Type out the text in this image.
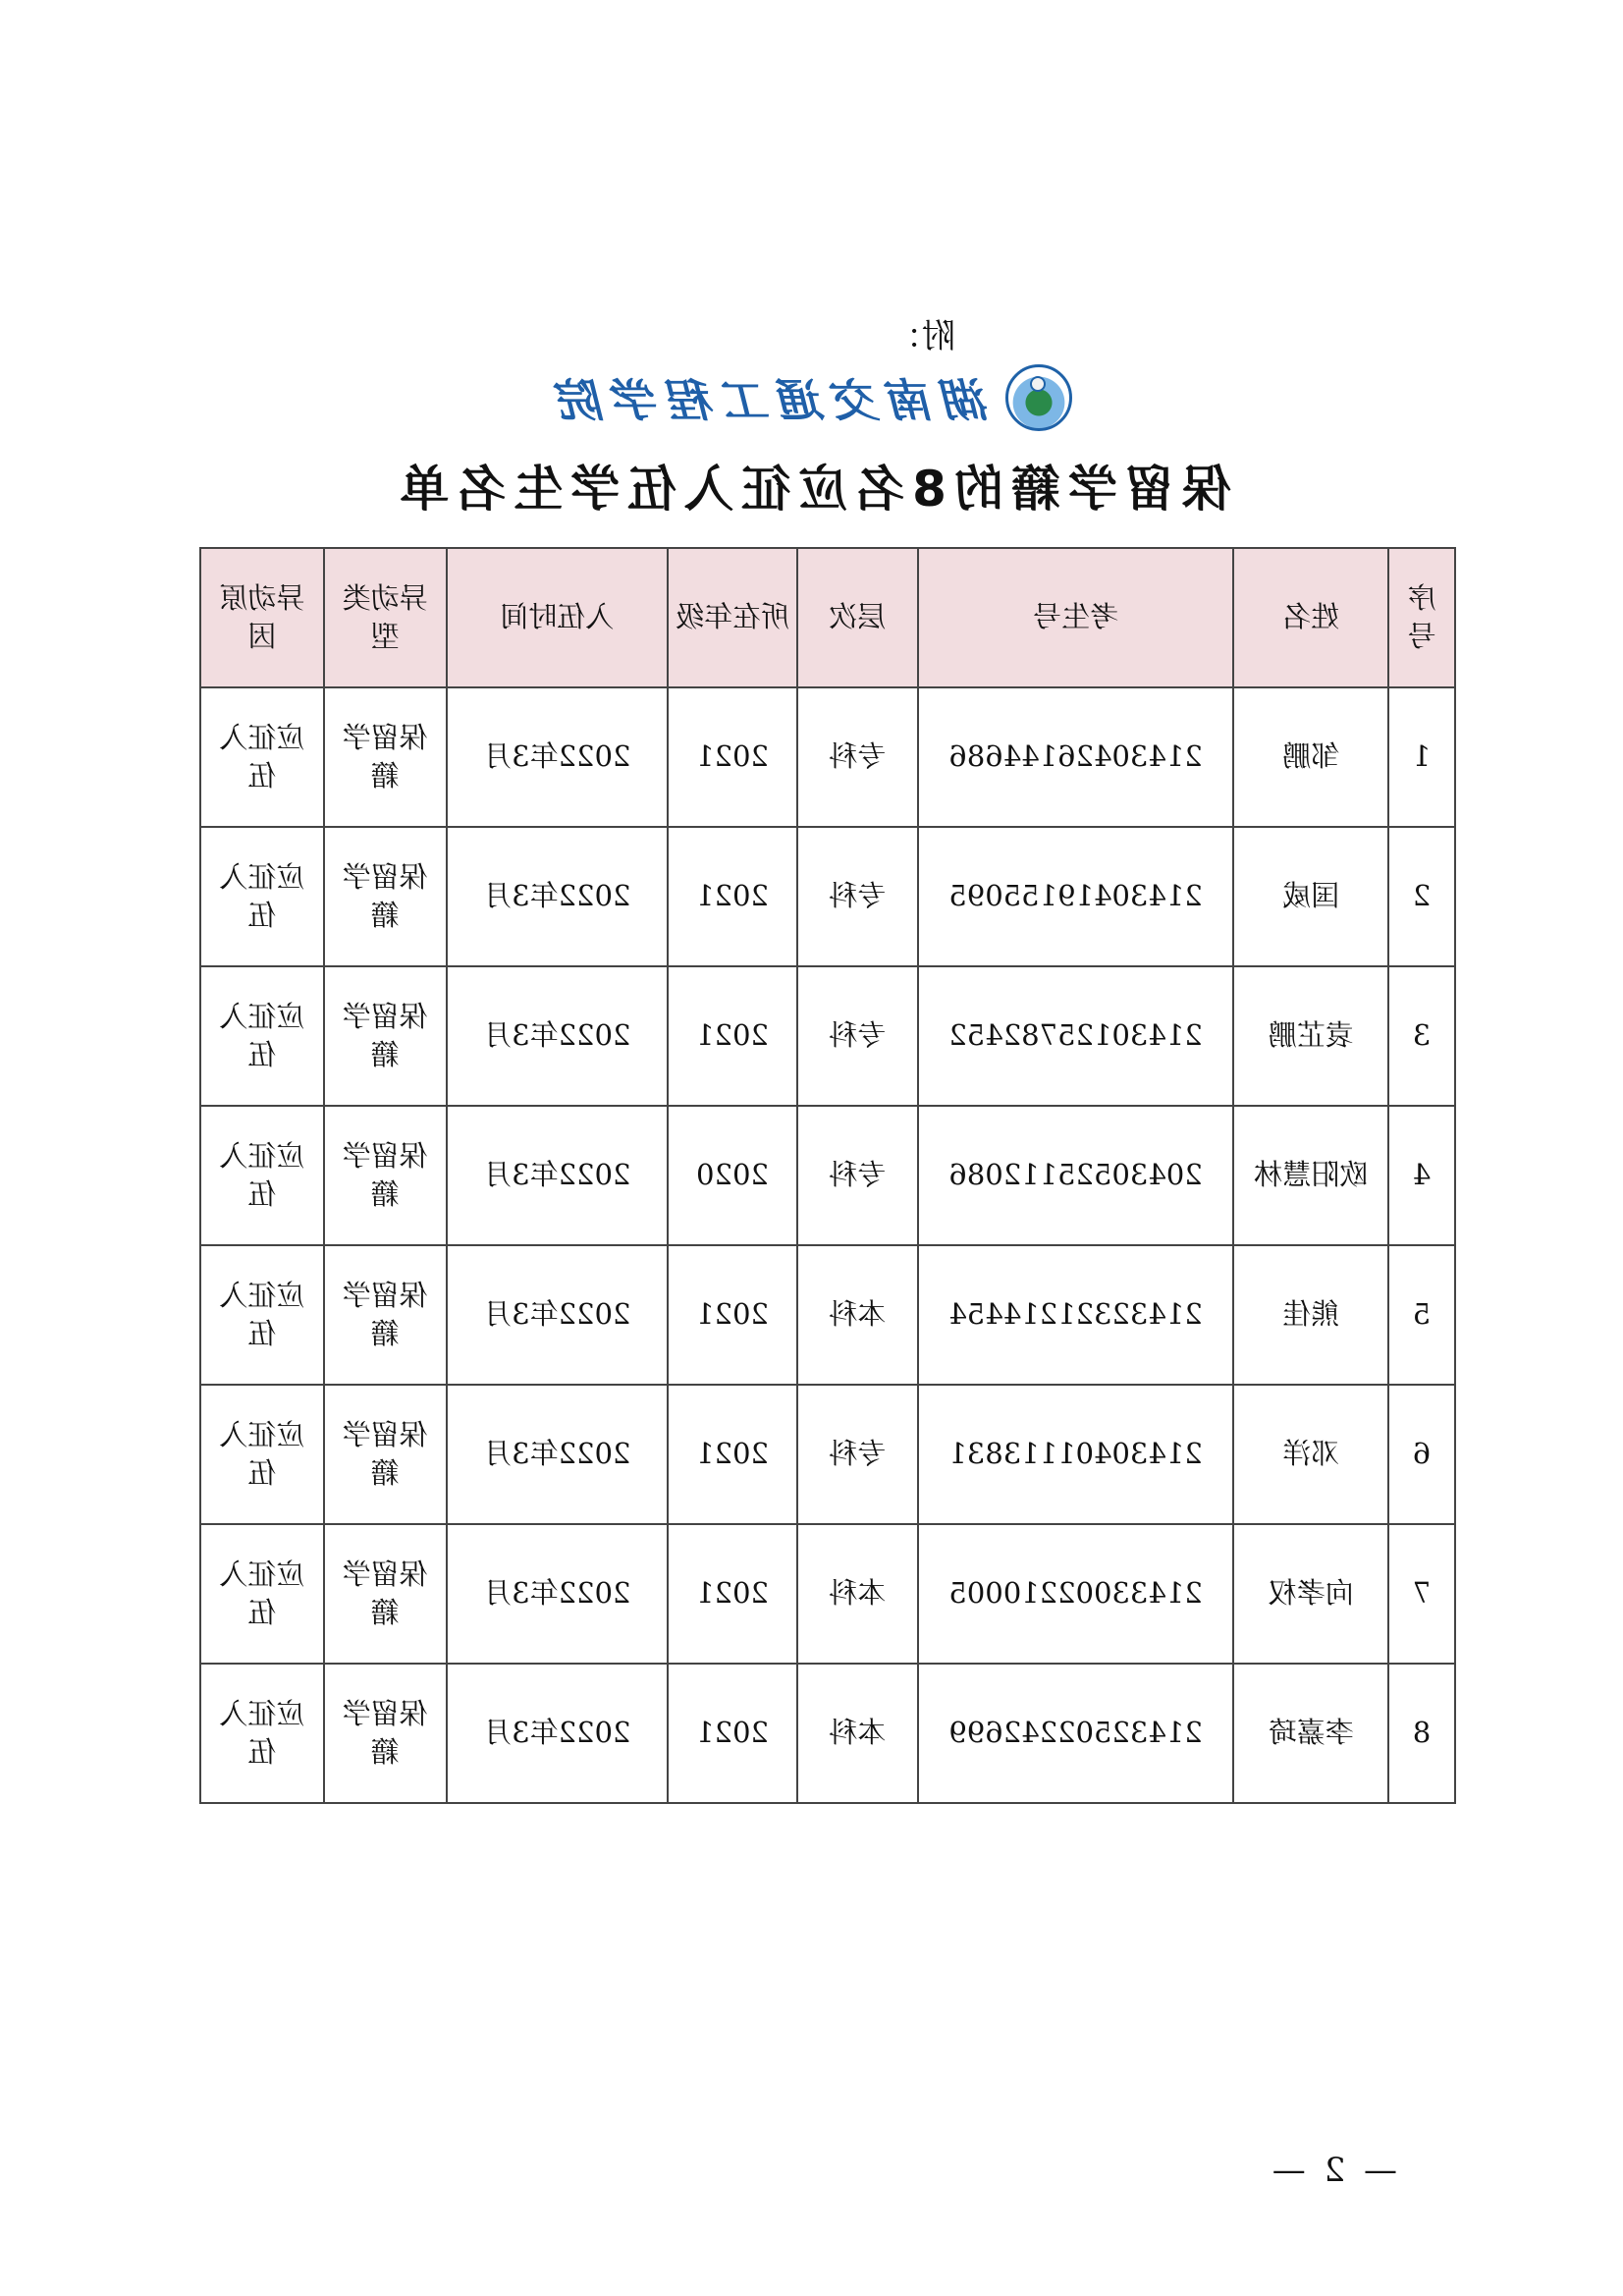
附：
湖南交通工程学院
保留学籍的8名应征入伍学生名单
序号	姓名	考生号	层次	所在年级	入伍时间	异动类型	异动原因
1	邹鹏	21430426144686	专科	2021	2022年3月	保留学籍	应征入伍
2	国威	21430419155095	专科	2021	2022年3月	保留学籍	应征入伍
3	袁芷鹏	21430125782452	专科	2021	2022年3月	保留学籍	应征入伍
4	欧阳慧林	20430525112086	专科	2020	2022年3月	保留学籍	应征入伍
5	熊佳	21432321214454	本科	2021	2022年3月	保留学籍	应征入伍
6	邓洋	21430401113831	专科	2021	2022年3月	保留学籍	应征入伍
7	向孝权	21433002210005	本科	2021	2022年3月	保留学籍	应征入伍
8	李嘉琦	21432502242699	本科	2021	2022年3月	保留学籍	应征入伍
— 2 —
